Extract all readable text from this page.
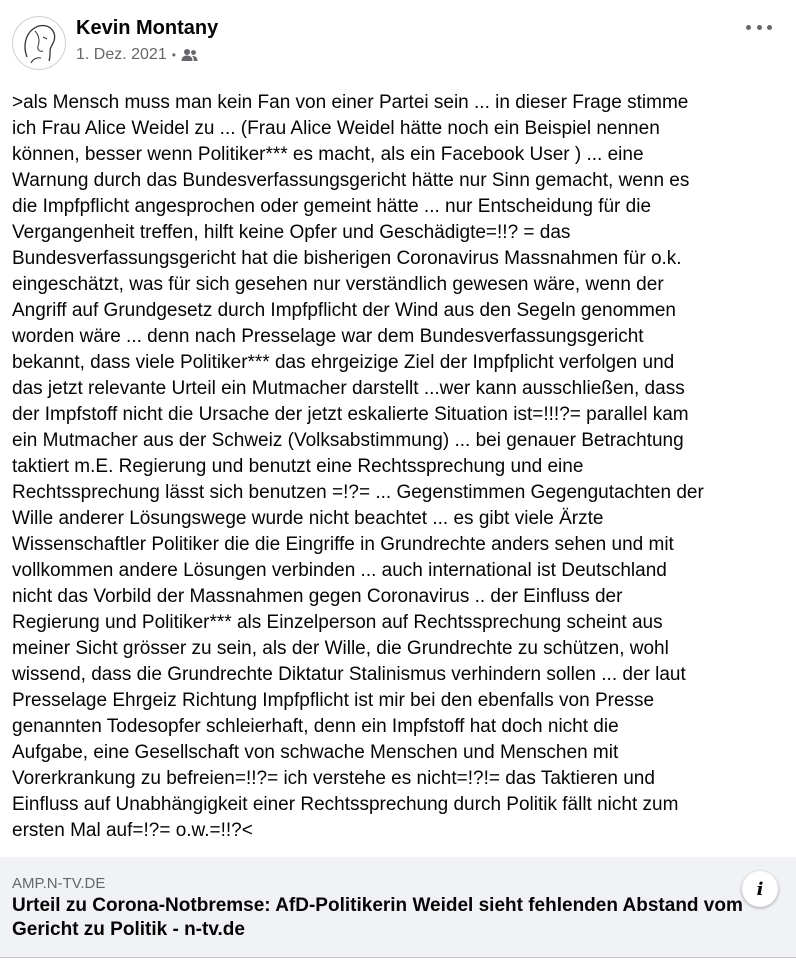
Kevin Montany
1. Dez. 2021 •

>als Mensch muss man kein Fan von einer Partei sein ... in dieser Frage stimme
ich Frau Alice Weidel zu ... (Frau Alice Weidel hätte noch ein Beispiel nennen
können, besser wenn Politiker*** es macht, als ein Facebook User ) ... eine
Warnung durch das Bundesverfassungsgericht hätte nur Sinn gemacht, wenn es
die Impfpflicht angesprochen oder gemeint hätte ... nur Entscheidung für die
Vergangenheit treffen, hilft keine Opfer und Geschädigte=!!? = das
Bundesverfassungsgericht hat die bisherigen Coronavirus Massnahmen für o.k.
eingeschätzt, was für sich gesehen nur verständlich gewesen wäre, wenn der
Angriff auf Grundgesetz durch Impfpflicht der Wind aus den Segeln genommen
worden wäre ... denn nach Presselage war dem Bundesverfassungsgericht
bekannt, dass viele Politiker*** das ehrgeizige Ziel der Impfplicht verfolgen und
das jetzt relevante Urteil ein Mutmacher darstellt ...wer kann ausschließen, dass
der Impfstoff nicht die Ursache der jetzt eskalierte Situation ist=!!!?= parallel kam
ein Mutmacher aus der Schweiz (Volksabstimmung) ... bei genauer Betrachtung
taktiert m.E. Regierung und benutzt eine Rechtssprechung und eine
Rechtssprechung lässt sich benutzen =!?= ... Gegenstimmen Gegengutachten der
Wille anderer Lösungswege wurde nicht beachtet ... es gibt viele Ärzte
Wissenschaftler Politiker die die Eingriffe in Grundrechte anders sehen und mit
vollkommen andere Lösungen verbinden ... auch international ist Deutschland
nicht das Vorbild der Massnahmen gegen Coronavirus .. der Einfluss der
Regierung und Politiker*** als Einzelperson auf Rechtssprechung scheint aus
meiner Sicht grösser zu sein, als der Wille, die Grundrechte zu schützen, wohl
wissend, dass die Grundrechte Diktatur Stalinismus verhindern sollen ... der laut
Presselage Ehrgeiz Richtung Impfpflicht ist mir bei den ebenfalls von Presse
genannten Todesopfer schleierhaft, denn ein Impfstoff hat doch nicht die
Aufgabe, eine Gesellschaft von schwache Menschen und Menschen mit
Vorerkrankung zu befreien=!!?= ich verstehe es nicht=!?!= das Taktieren und
Einfluss auf Unabhängigkeit einer Rechtssprechung durch Politik fällt nicht zum
ersten Mal auf=!?= o.w.=!!?<

AMP.N-TV.DE
Urteil zu Corona-Notbremse: AfD-Politikerin Weidel sieht fehlenden Abstand vom Gericht zu Politik - n-tv.de
i
